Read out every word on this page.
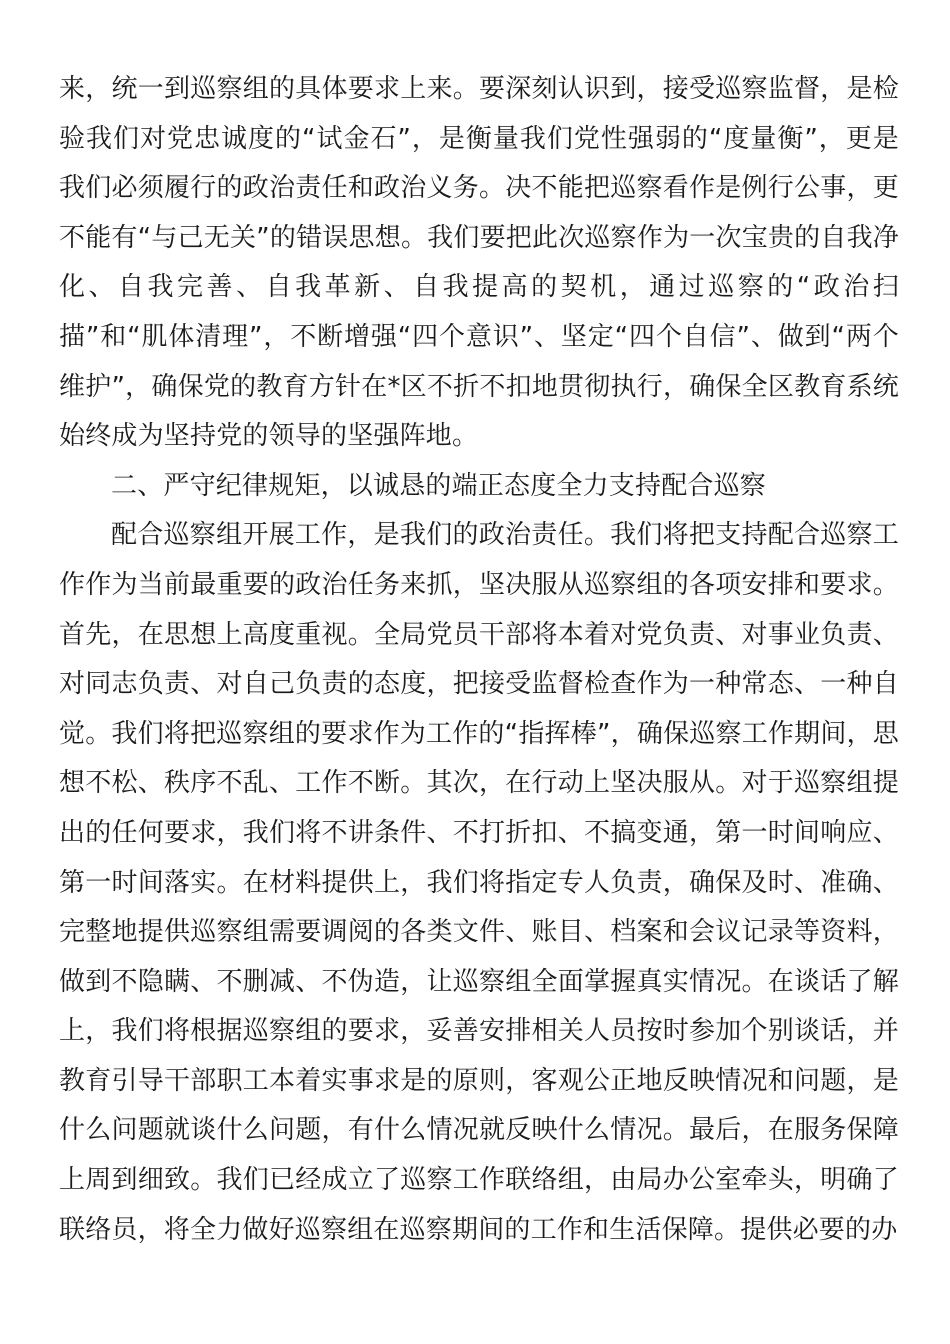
来，统一到巡察组的具体要求上来。要深刻认识到，接受巡察监督，是检验我们对党忠诚度的“试金石”，是衡量我们党性强弱的“度量衡”，更是我们必须履行的政治责任和政治义务。决不能把巡察看作是例行公事，更不能有“与己无关”的错误思想。我们要把此次巡察作为一次宝贵的自我净化、自我完善、自我革新、自我提高的契机，通过巡察的“政治扫描”和“肌体清理”，不断增强“四个意识”、坚定“四个自信”、做到“两个维护”，确保党的教育方针在*区不折不扣地贯彻执行，确保全区教育系统始终成为坚持党的领导的坚强阵地。

二、严守纪律规矩，以诚恳的端正态度全力支持配合巡察

配合巡察组开展工作，是我们的政治责任。我们将把支持配合巡察工作作为当前最重要的政治任务来抓，坚决服从巡察组的各项安排和要求。首先，在思想上高度重视。全局党员干部将本着对党负责、对事业负责、对同志负责、对自己负责的态度，把接受监督检查作为一种常态、一种自觉。我们将把巡察组的要求作为工作的“指挥棒”，确保巡察工作期间，思想不松、秩序不乱、工作不断。其次，在行动上坚决服从。对于巡察组提出的任何要求，我们将不讲条件、不打折扣、不搞变通，第一时间响应、第一时间落实。在材料提供上，我们将指定专人负责，确保及时、准确、完整地提供巡察组需要调阅的各类文件、账目、档案和会议记录等资料，做到不隐瞒、不删减、不伪造，让巡察组全面掌握真实情况。在谈话了解上，我们将根据巡察组的要求，妥善安排相关人员按时参加个别谈话，并教育引导干部职工本着实事求是的原则，客观公正地反映情况和问题，是什么问题就谈什么问题，有什么情况就反映什么情况。最后，在服务保障上周到细致。我们已经成立了巡察工作联络组，由局办公室牵头，明确了联络员，将全力做好巡察组在巡察期间的工作和生活保障。提供必要的办
